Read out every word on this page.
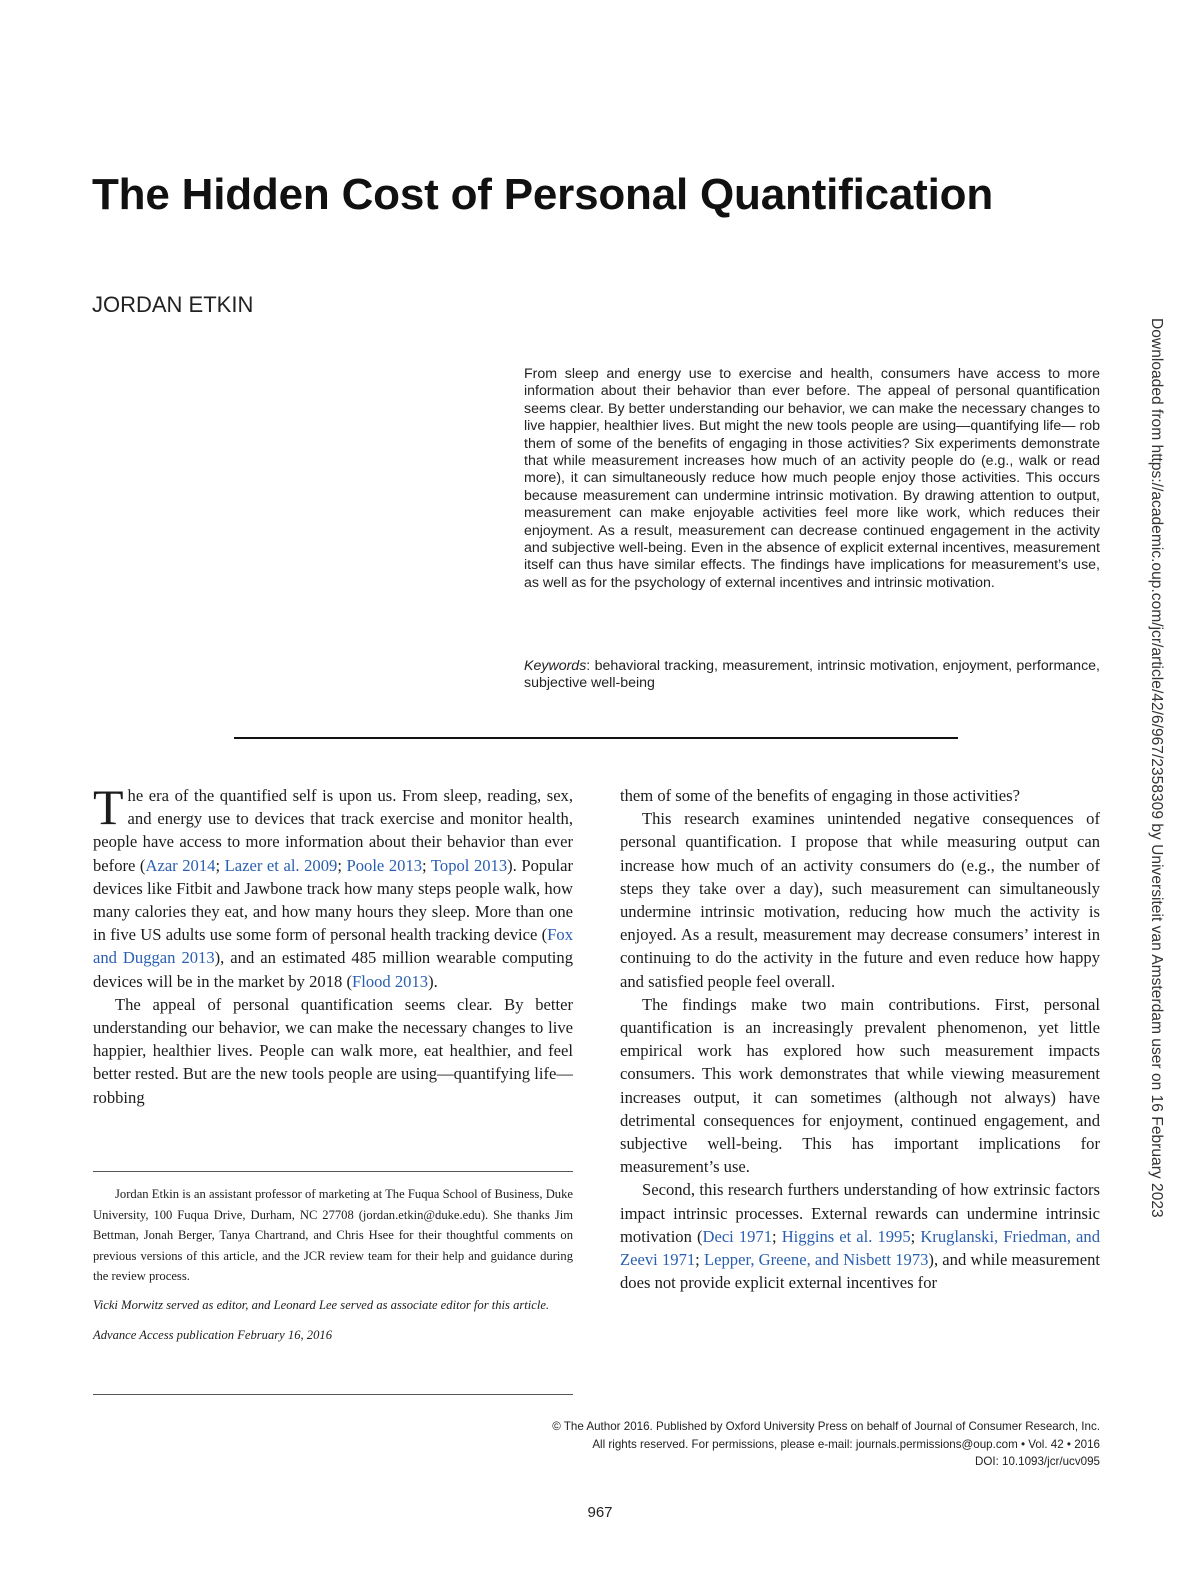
The Hidden Cost of Personal Quantification

JORDAN ETKIN

From sleep and energy use to exercise and health, consumers have access to more information about their behavior than ever before. The appeal of personal quantification seems clear. By better understanding our behavior, we can make the necessary changes to live happier, healthier lives. But might the new tools people are using—quantifying life— rob them of some of the benefits of engaging in those activities? Six experiments demonstrate that while measurement increases how much of an activity people do (e.g., walk or read more), it can simultaneously reduce how much people enjoy those activities. This occurs because measurement can undermine intrinsic motivation. By drawing attention to output, measurement can make enjoyable activities feel more like work, which reduces their enjoyment. As a result, measurement can decrease continued engagement in the activity and subjective well-being. Even in the absence of explicit external incentives, measurement itself can thus have similar effects. The findings have implications for measurement’s use, as well as for the psychology of external incentives and intrinsic motivation.

Keywords: behavioral tracking, measurement, intrinsic motivation, enjoyment, performance, subjective well-being

The era of the quantified self is upon us. From sleep, reading, sex, and energy use to devices that track exercise and monitor health, people have access to more information about their behavior than ever before (Azar 2014; Lazer et al. 2009; Poole 2013; Topol 2013). Popular devices like Fitbit and Jawbone track how many steps people walk, how many calories they eat, and how many hours they sleep. More than one in five US adults use some form of personal health tracking device (Fox and Duggan 2013), and an estimated 485 million wearable computing devices will be in the market by 2018 (Flood 2013).

The appeal of personal quantification seems clear. By better understanding our behavior, we can make the necessary changes to live happier, healthier lives. People can walk more, eat healthier, and feel better rested. But are the new tools people are using—quantifying life—robbing

Jordan Etkin is an assistant professor of marketing at The Fuqua School of Business, Duke University, 100 Fuqua Drive, Durham, NC 27708 (jordan.etkin@duke.edu). She thanks Jim Bettman, Jonah Berger, Tanya Chartrand, and Chris Hsee for their thoughtful comments on previous versions of this article, and the JCR review team for their help and guidance during the review process.

Vicki Morwitz served as editor, and Leonard Lee served as associate editor for this article.

Advance Access publication February 16, 2016

them of some of the benefits of engaging in those activities?

This research examines unintended negative consequences of personal quantification. I propose that while measuring output can increase how much of an activity consumers do (e.g., the number of steps they take over a day), such measurement can simultaneously undermine intrinsic motivation, reducing how much the activity is enjoyed. As a result, measurement may decrease consumers’ interest in continuing to do the activity in the future and even reduce how happy and satisfied people feel overall.

The findings make two main contributions. First, personal quantification is an increasingly prevalent phenomenon, yet little empirical work has explored how such measurement impacts consumers. This work demonstrates that while viewing measurement increases output, it can sometimes (although not always) have detrimental consequences for enjoyment, continued engagement, and subjective well-being. This has important implications for measurement’s use.

Second, this research furthers understanding of how extrinsic factors impact intrinsic processes. External rewards can undermine intrinsic motivation (Deci 1971; Higgins et al. 1995; Kruglanski, Friedman, and Zeevi 1971; Lepper, Greene, and Nisbett 1973), and while measurement does not provide explicit external incentives for

© The Author 2016. Published by Oxford University Press on behalf of Journal of Consumer Research, Inc.
All rights reserved. For permissions, please e-mail: journals.permissions@oup.com • Vol. 42 • 2016
DOI: 10.1093/jcr/ucv095
967
Downloaded from https://academic.oup.com/jcr/article/42/6/967/2358309 by Universiteit van Amsterdam user on 16 February 2023
